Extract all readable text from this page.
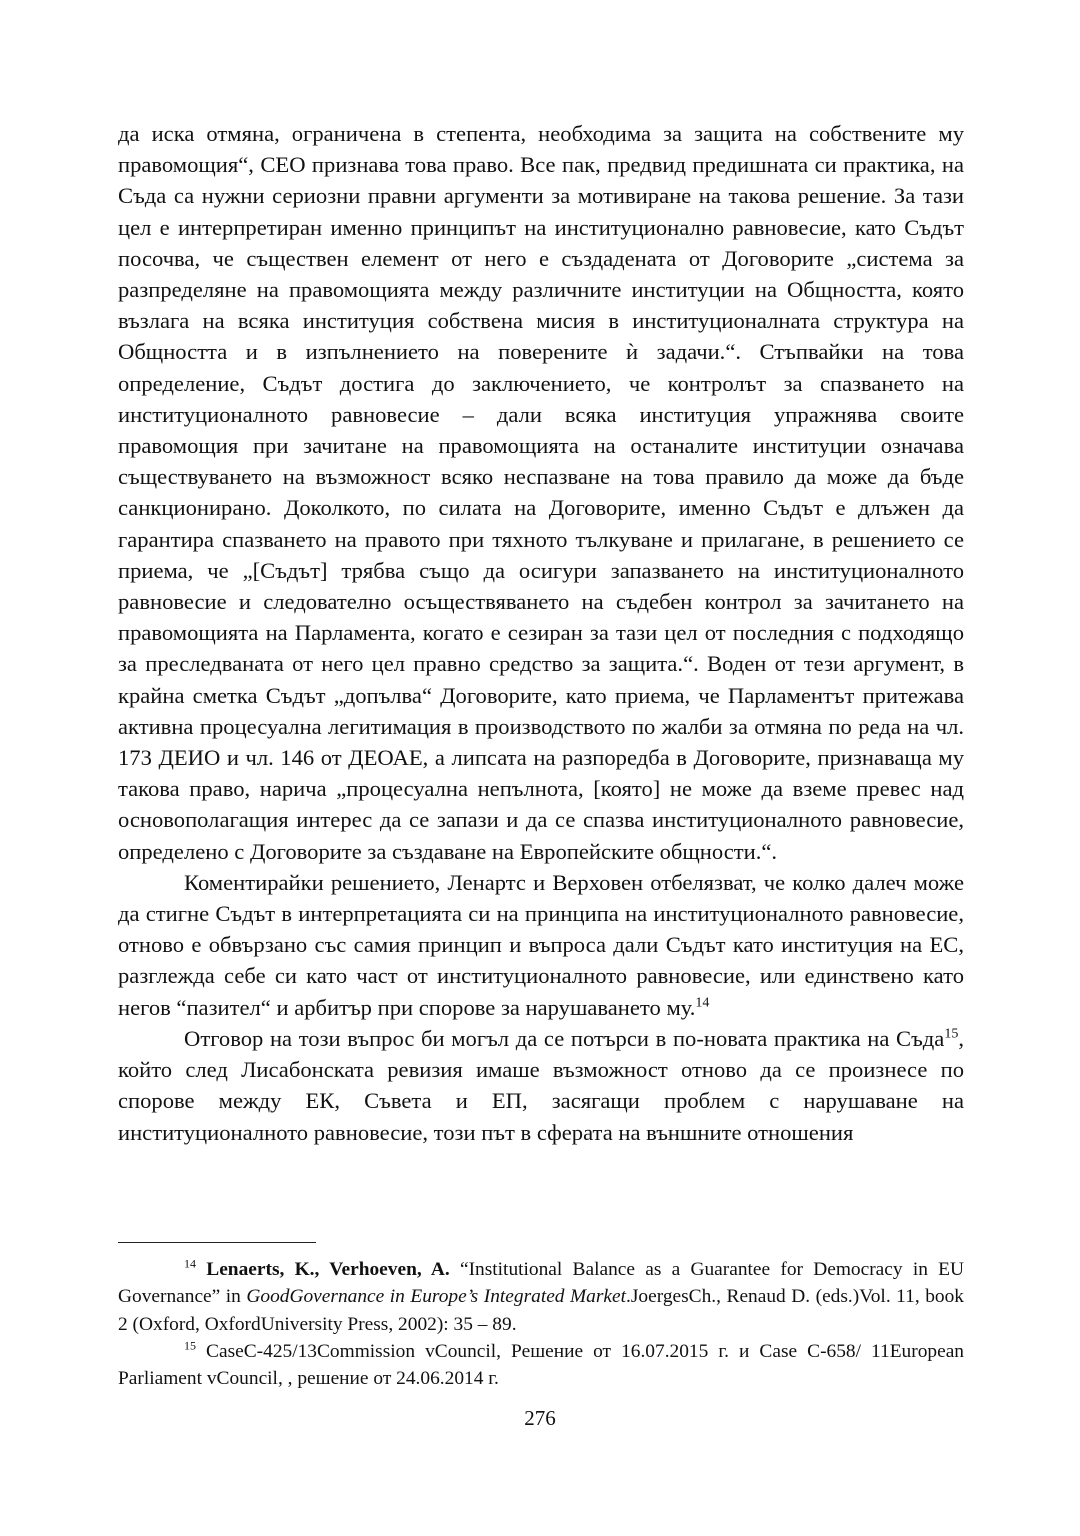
да иска отмяна, ограничена в степента, необходима за защита на собствените му правомощия“, СЕО признава това право. Все пак, предвид предишната си практика, на Съда са нужни сериозни правни аргументи за мотивиране на такова решение. За тази цел е интерпретиран именно принципът на институционално равновесие, като Съдът посочва, че съществен елемент от него е създадената от Договорите „система за разпределяне на правомощията между различните институции на Общността, която възлага на всяка институция собствена мисия в институционалната структура на Общността и в изпълнението на поверените ѝ задачи.“. Стъпвайки на това определение, Съдът достига до заключението, че контролът за спазването на институционалното равновесие – дали всяка институция упражнява своите правомощия при зачитане на правомощията на останалите институции означава съществуването на възможност всяко неспазване на това правило да може да бъде санкционирано. Доколкото, по силата на Договорите, именно Съдът е длъжен да гарантира спазването на правото при тяхното тълкуване и прилагане, в решението се приема, че „[Съдът] трябва също да осигури запазването на институционалното равновесие и следователно осъществяването на съдебен контрол за зачитането на правомощията на Парламента, когато е сезиран за тази цел от последния с подходящо за преследваната от него цел правно средство за защита.“. Воден от тези аргумент, в крайна сметка Съдът „допълва“ Договорите, като приема, че Парламентът притежава активна процесуална легитимация в производството по жалби за отмяна по реда на чл. 173 ДЕИО и чл. 146 от ДЕОАЕ, а липсата на разпоредба в Договорите, признаваща му такова право, нарича „процесуална непълнота, [която] не може да вземе превес над основополагащия интерес да се запази и да се спазва институционалното равновесие, определено с Договорите за създаване на Европейските общности.“.

Коментирайки решението, Ленартс и Верховен отбелязват, че колко далеч може да стигне Съдът в интерпретацията си на принципа на институционалното равновесие, отново е обвързано със самия принцип и въпроса дали Съдът като институция на ЕС, разглежда себе си като част от институционалното равновесие, или единствено като негов “пазител“ и арбитър при спорове за нарушаването му.$^{14}$

Отговор на този въпрос би могъл да се потърси в по-новата практика на Съда$^{15}$, който след Лисабонската ревизия имаше възможност отново да се произнесе по спорове между ЕК, Съвета и ЕП, засягащи проблем с нарушаване на институционалното равновесие, този път в сферата на външните отношения

$^{14}$ Lenaerts, K., Verhoeven, A. “Institutional Balance as a Guarantee for Democracy in EU Governance” in GoodGovernance in Europe’s Integrated Market.JoergesCh., Renaud D. (eds.)Vol. 11, book 2 (Oxford, OxfordUniversity Press, 2002): 35 – 89.

$^{15}$ CaseC-425/13Commission vCouncil, Решение от 16.07.2015 г. и Case C-658/ 11European Parliament vCouncil, , решение от 24.06.2014 г.

276
